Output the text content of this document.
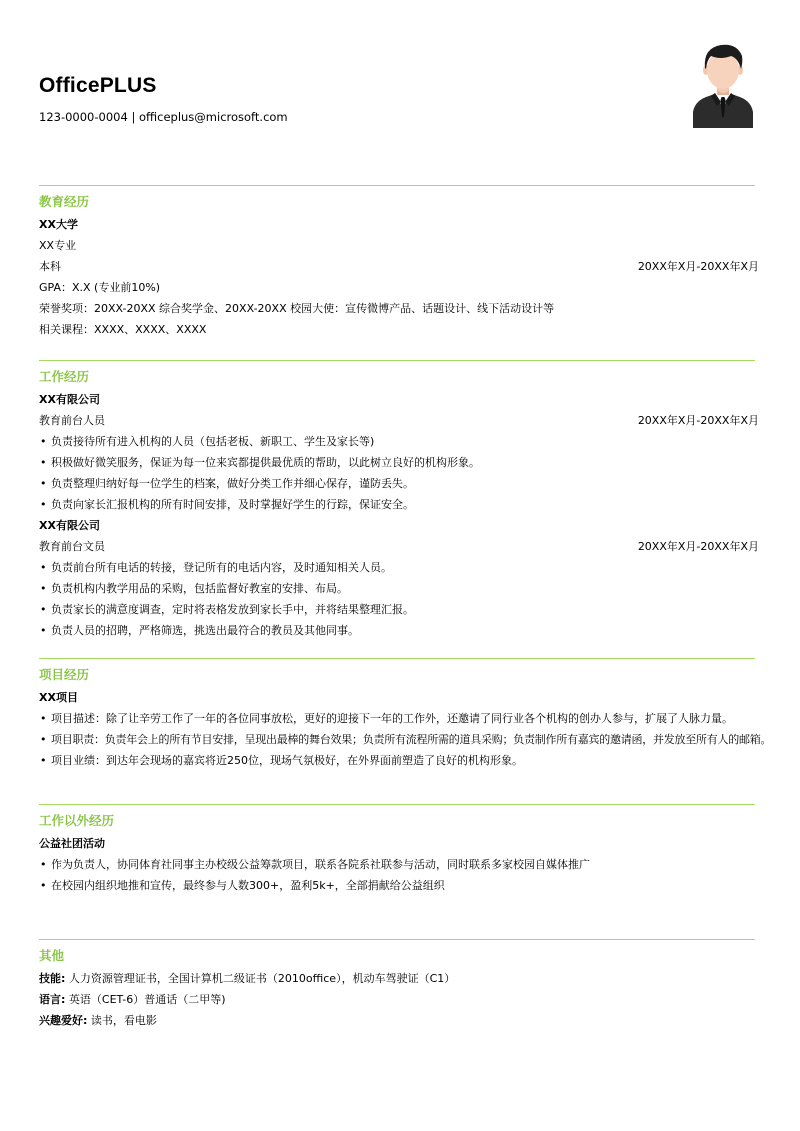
OfficePLUS
123-0000-0004 | officeplus@microsoft.com
教育经历
XX大学
XX专业
本科	20XX年X月-20XX年X月
GPA：X.X (专业前10%)
荣誉奖项：20XX-20XX 综合奖学金、20XX-20XX 校园大使：宣传微博产品、话题设计、线下活动设计等
相关课程：XXXX、XXXX、XXXX
工作经历
XX有限公司
教育前台人员	20XX年X月-20XX年X月
• 负责接待所有进入机构的人员（包括老板、新职工、学生及家长等)
• 积极做好微笑服务，保证为每一位来宾都提供最优质的帮助，以此树立良好的机构形象。
• 负责整理归纳好每一位学生的档案，做好分类工作并细心保存，谨防丢失。
• 负责向家长汇报机构的所有时间安排，及时掌握好学生的行踪，保证安全。
XX有限公司
教育前台文员	20XX年X月-20XX年X月
• 负责前台所有电话的转接，登记所有的电话内容，及时通知相关人员。
• 负责机构内教学用品的采购，包括监督好教室的安排、布局。
• 负责家长的满意度调查，定时将表格发放到家长手中，并将结果整理汇报。
• 负责人员的招聘，严格筛选，挑选出最符合的教员及其他同事。
项目经历
XX项目
• 项目描述：除了让辛劳工作了一年的各位同事放松，更好的迎接下一年的工作外，还邀请了同行业各个机构的创办人参与，扩展了人脉力量。
• 项目职责：负责年会上的所有节目安排，呈现出最棒的舞台效果；负责所有流程所需的道具采购；负责制作所有嘉宾的邀请函，并发放至所有人的邮箱。
• 项目业绩：到达年会现场的嘉宾将近250位，现场气氛极好，在外界面前塑造了良好的机构形象。
工作以外经历
公益社团活动
• 作为负责人，协同体育社同事主办校级公益筹款项目，联系各院系社联参与活动，同时联系多家校园自媒体推广
• 在校园内组织地推和宣传，最终参与人数300+，盈利5k+，全部捐献给公益组织
其他
技能: 人力资源管理证书，全国计算机二级证书（2010office），机动车驾驶证（C1）
语言: 英语（CET-6）普通话（二甲等)
兴趣爱好: 读书，看电影
